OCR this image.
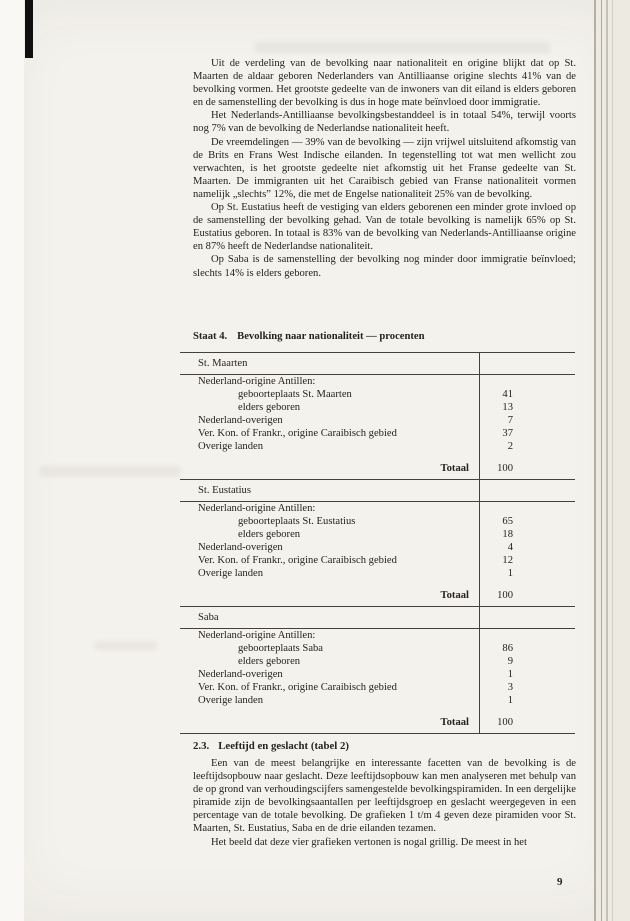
Uit de verdeling van de bevolking naar nationaliteit en origine blijkt dat op St. Maarten de aldaar geboren Nederlanders van Antilliaanse origine slechts 41% van de bevolking vormen. Het grootste gedeelte van de inwoners van dit eiland is elders geboren en de samenstelling der bevolking is dus in hoge mate beïnvloed door immigratie.

Het Nederlands-Antilliaanse bevolkingsbestanddeel is in totaal 54%, terwijl voorts nog 7% van de bevolking de Nederlandse nationaliteit heeft.

De vreemdelingen — 39% van de bevolking — zijn vrijwel uitsluitend afkomstig van de Brits en Frans West Indische eilanden. In tegenstelling tot wat men wellicht zou verwachten, is het grootste gedeelte niet afkomstig uit het Franse gedeelte van St. Maarten. De immigranten uit het Caraibisch gebied van Franse nationaliteit vormen namelijk „slechts” 12%, die met de Engelse nationaliteit 25% van de bevolking.

Op St. Eustatius heeft de vestiging van elders geborenen een minder grote invloed op de samenstelling der bevolking gehad. Van de totale bevolking is namelijk 65% op St. Eustatius geboren. In totaal is 83% van de bevolking van Nederlands-Antilliaanse origine en 87% heeft de Nederlandse nationaliteit.

Op Saba is de samenstelling der bevolking nog minder door immigratie beïnvloed; slechts 14% is elders geboren.

Staat 4. Bevolking naar nationaliteit — procenten
St. Maarten
Nederland-origine Antillen:
geboorteplaats St. Maarten	41
elders geboren	13
Nederland-overigen	7
Ver. Kon. of Frankr., origine Caraibisch gebied	37
Overige landen	2
Totaal	100
St. Eustatius
Nederland-origine Antillen:
geboorteplaats St. Eustatius	65
elders geboren	18
Nederland-overigen	4
Ver. Kon. of Frankr., origine Caraibisch gebied	12
Overige landen	1
Totaal	100
Saba
Nederland-origine Antillen:
geboorteplaats Saba	86
elders geboren	9
Nederland-overigen	1
Ver. Kon. of Frankr., origine Caraibisch gebied	3
Overige landen	1
Totaal	100
2.3. Leeftijd en geslacht (tabel 2)

Een van de meest belangrijke en interessante facetten van de bevolking is de leeftijdsopbouw naar geslacht. Deze leeftijdsopbouw kan men analyseren met behulp van de op grond van verhoudingscijfers samengestelde bevolkingspiramiden. In een dergelijke piramide zijn de bevolkingsaantallen per leeftijdsgroep en geslacht weergegeven in een percentage van de totale bevolking. De grafieken 1 t/m 4 geven deze piramiden voor St. Maarten, St. Eustatius, Saba en de drie eilanden tezamen.

Het beeld dat deze vier grafieken vertonen is nogal grillig. De meest in het

9
